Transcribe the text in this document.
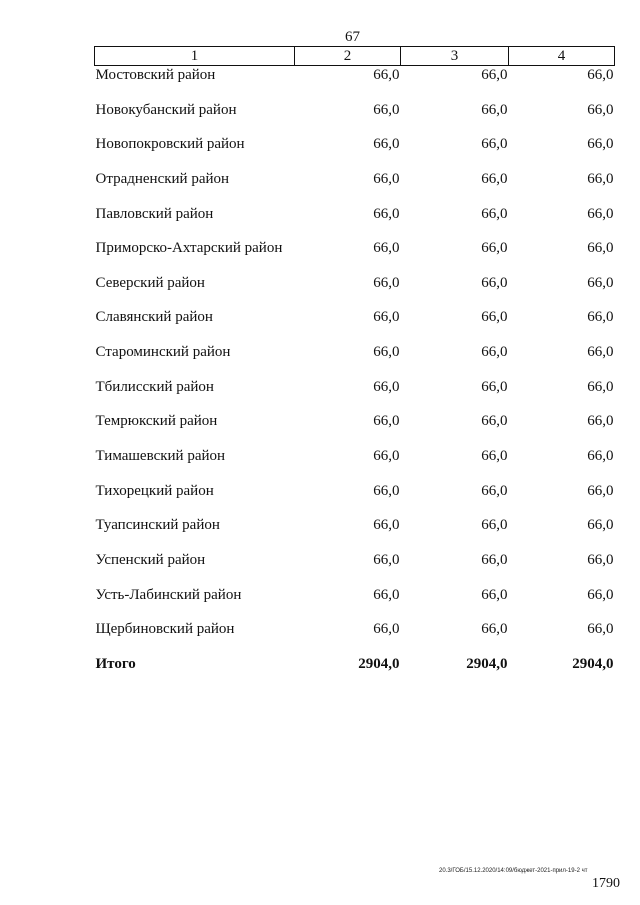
67
1	2	3	4
Мостовский район	66,0	66,0	66,0
Новокубанский район	66,0	66,0	66,0
Новопокровский район	66,0	66,0	66,0
Отрадненский район	66,0	66,0	66,0
Павловский район	66,0	66,0	66,0
Приморско-Ахтарский район	66,0	66,0	66,0
Северский район	66,0	66,0	66,0
Славянский район	66,0	66,0	66,0
Староминский район	66,0	66,0	66,0
Тбилисский район	66,0	66,0	66,0
Темрюкский район	66,0	66,0	66,0
Тимашевский район	66,0	66,0	66,0
Тихорецкий район	66,0	66,0	66,0
Туапсинский район	66,0	66,0	66,0
Успенский район	66,0	66,0	66,0
Усть-Лабинский район	66,0	66,0	66,0
Щербиновский район	66,0	66,0	66,0
Итого	2904,0	2904,0	2904,0
20.3/ГОБ/15.12.2020/14:09/бюджет-2021-прил-19-2 чт
1790
